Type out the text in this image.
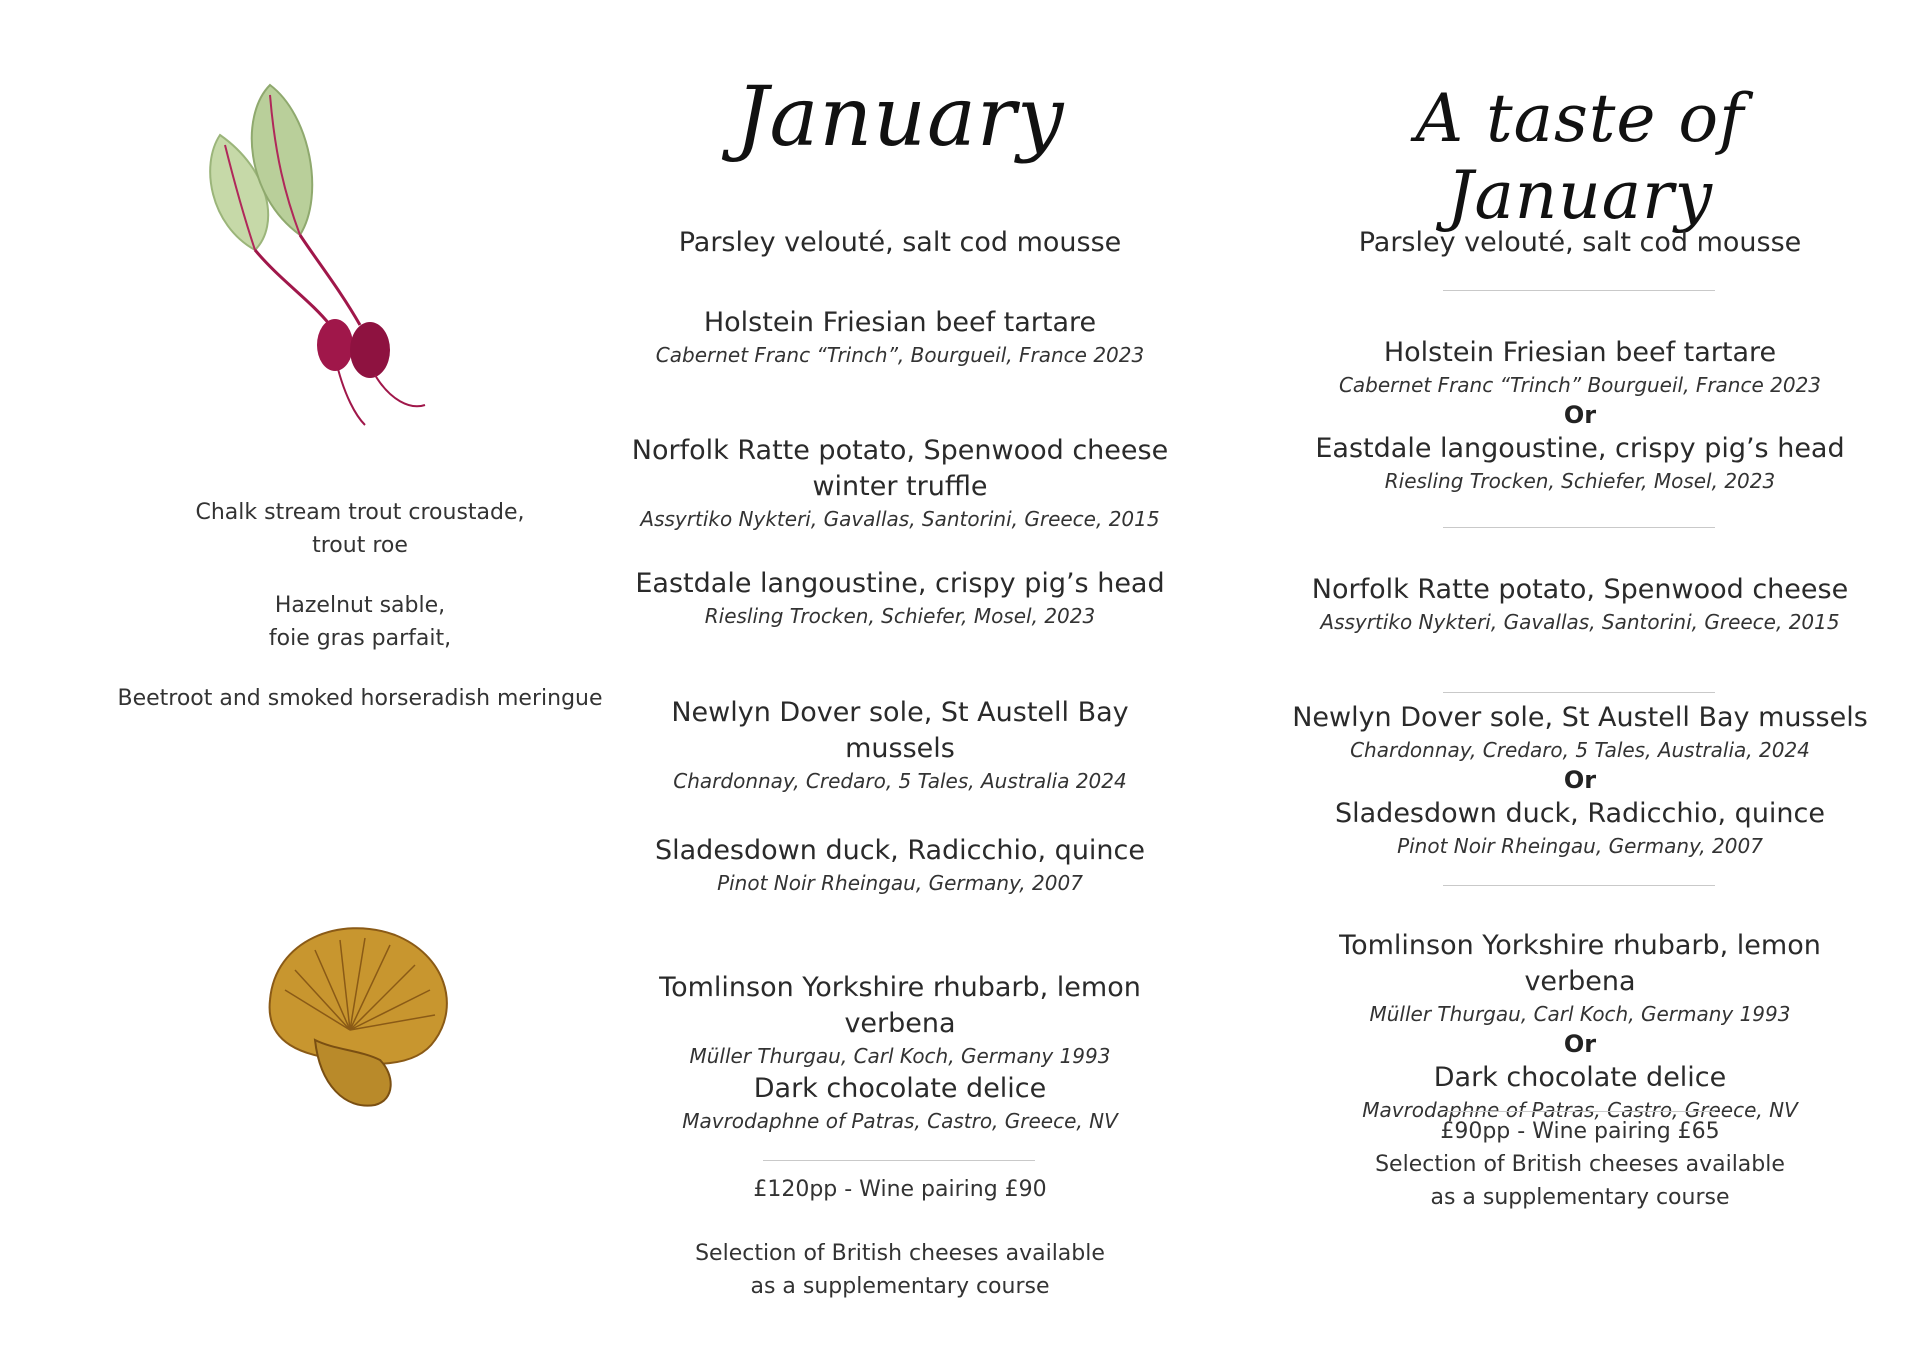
Chalk stream trout croustade,
trout roe
Hazelnut sable,
foie gras parfait,
Beetroot and smoked horseradish meringue
January
Parsley velouté, salt cod mousse
Holstein Friesian beef tartare
Cabernet Franc “Trinch”, Bourgueil, France 2023
Norfolk Ratte potato, Spenwood cheese
winter truffle
Assyrtiko Nykteri, Gavallas, Santorini, Greece, 2015
Eastdale langoustine, crispy pig’s head
Riesling Trocken, Schiefer, Mosel, 2023
Newlyn Dover sole, St Austell Bay mussels
Chardonnay, Credaro, 5 Tales, Australia 2024
Sladesdown duck, Radicchio, quince
Pinot Noir Rheingau, Germany, 2007
Tomlinson Yorkshire rhubarb, lemon verbena
Müller Thurgau, Carl Koch, Germany 1993
Dark chocolate delice
Mavrodaphne of Patras, Castro, Greece, NV
£120pp - Wine pairing £90
Selection of British cheeses available
as a supplementary course
A taste of January
Parsley velouté, salt cod mousse
Holstein Friesian beef tartare
Cabernet Franc “Trinch” Bourgueil, France 2023
Or
Eastdale langoustine, crispy pig’s head
Riesling Trocken, Schiefer, Mosel, 2023
Norfolk Ratte potato, Spenwood cheese
Assyrtiko Nykteri, Gavallas, Santorini, Greece, 2015
Newlyn Dover sole, St Austell Bay mussels
Chardonnay, Credaro, 5 Tales, Australia, 2024
Or
Sladesdown duck, Radicchio, quince
Pinot Noir Rheingau, Germany, 2007
Tomlinson Yorkshire rhubarb, lemon verbena
Müller Thurgau, Carl Koch, Germany 1993
Or
Dark chocolate delice
Mavrodaphne of Patras, Castro, Greece, NV
£90pp - Wine pairing £65
Selection of British cheeses available
as a supplementary course
